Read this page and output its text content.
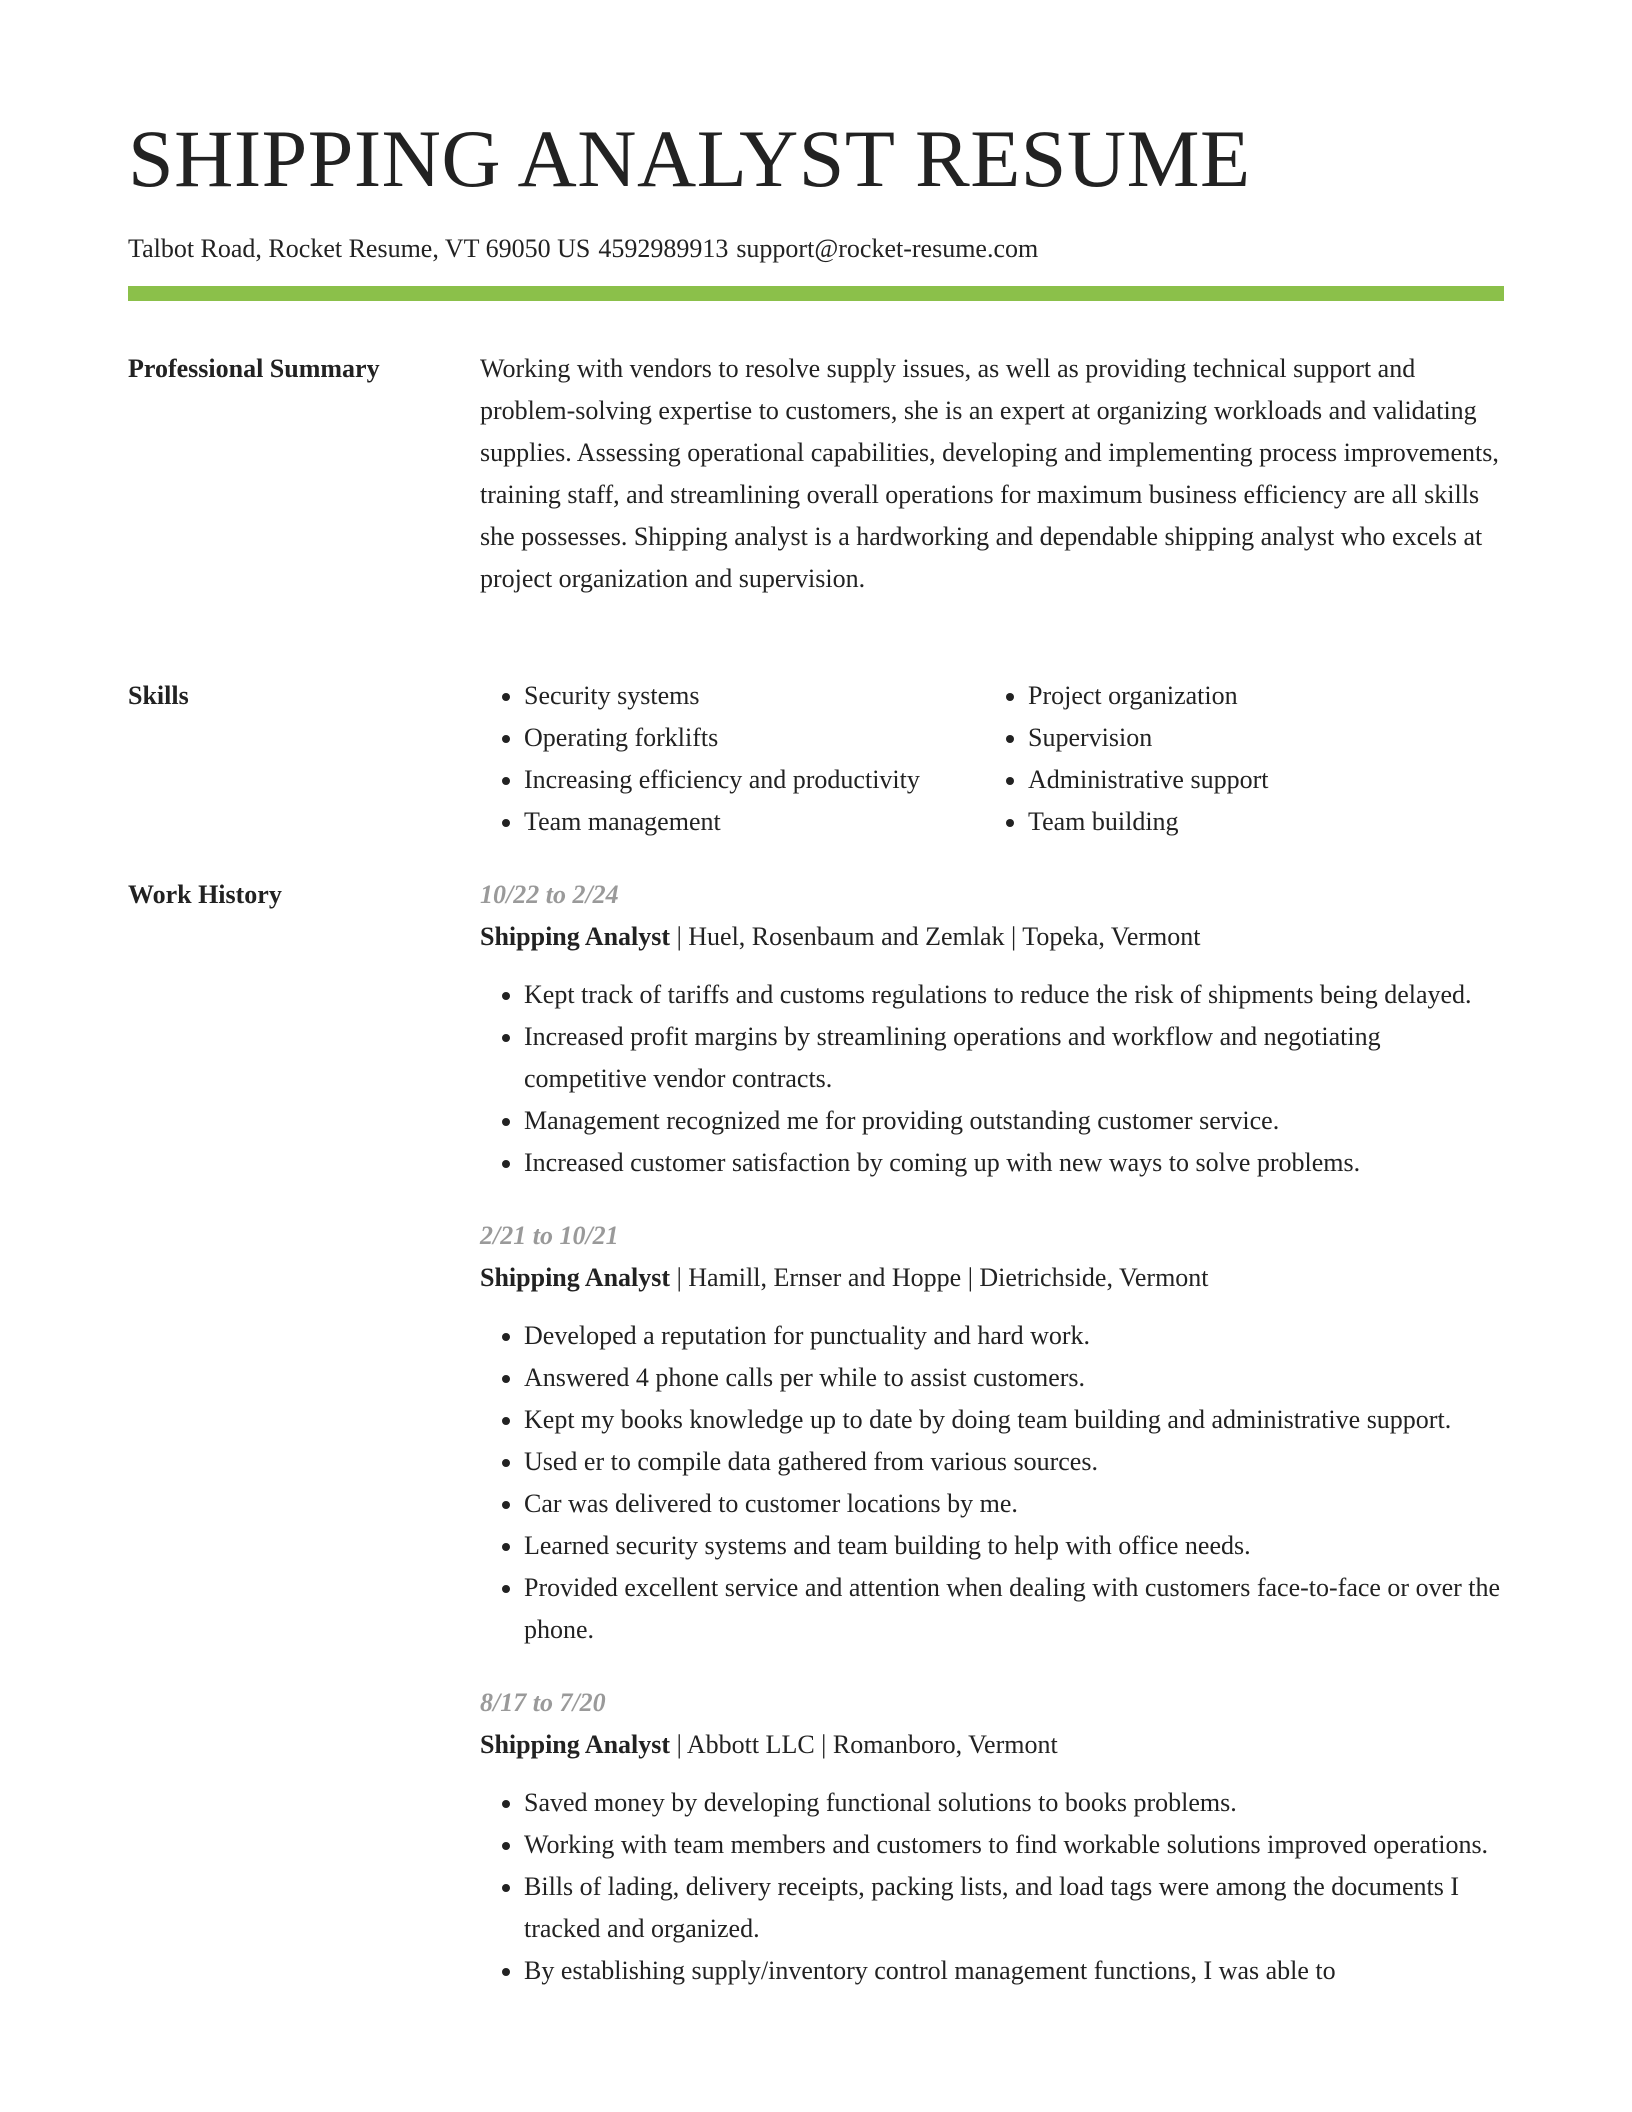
SHIPPING ANALYST RESUME
Talbot Road, Rocket Resume, VT 69050 US 4592989913 support@rocket-resume.com
Professional Summary	Working with vendors to resolve supply issues, as well as providing technical support and problem-solving expertise to customers, she is an expert at organizing workloads and validating supplies. Assessing operational capabilities, developing and implementing process improvements, training staff, and streamlining overall operations for maximum business efficiency are all skills she possesses. Shipping analyst is a hardworking and dependable shipping analyst who excels at project organization and supervision.

Skills
•	Security systems
• Operating forklifts
• Increasing efficiency and productivity
• Team management
• Project organization
• Supervision
• Administrative support
• Team building
Work History	10/22 to 2/24
Shipping Analyst | Huel, Rosenbaum and Zemlak | Topeka, Vermont
• Kept track of tariffs and customs regulations to reduce the risk of shipments being delayed.
• Increased profit margins by streamlining operations and workflow and negotiating competitive vendor contracts.
• Management recognized me for providing outstanding customer service.
• Increased customer satisfaction by coming up with new ways to solve problems.
2/21 to 10/21
Shipping Analyst | Hamill, Ernser and Hoppe | Dietrichside, Vermont
• Developed a reputation for punctuality and hard work.
• Answered 4 phone calls per while to assist customers.
• Kept my books knowledge up to date by doing team building and administrative support.
• Used er to compile data gathered from various sources.
• Car was delivered to customer locations by me.
• Learned security systems and team building to help with office needs.
• Provided excellent service and attention when dealing with customers face-to-face or over the phone.
8/17 to 7/20
Shipping Analyst | Abbott LLC | Romanboro, Vermont
• Saved money by developing functional solutions to books problems.
• Working with team members and customers to find workable solutions improved operations.
• Bills of lading, delivery receipts, packing lists, and load tags were among the documents I tracked and organized.
• By establishing supply/inventory control management functions, I was able to
